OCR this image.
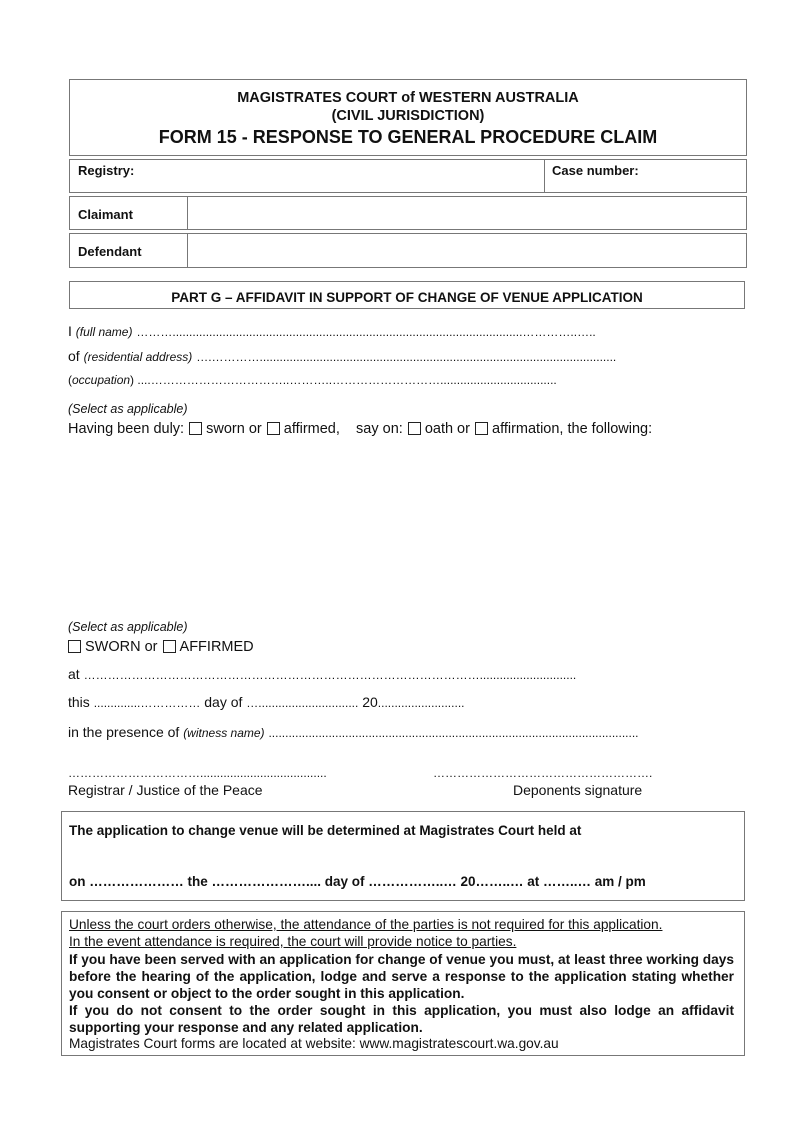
MAGISTRATES COURT of WESTERN AUSTRALIA
(CIVIL JURISDICTION)
FORM 15 - RESPONSE TO GENERAL PROCEDURE CLAIM
Registry:	Case number:
Claimant
Defendant
PART G – AFFIDAVIT IN SUPPORT OF CHANGE OF VENUE APPLICATION
I (full name) ……….........................................................................................................…………..…..
of (residential address) ….…………...........................................................................................................
(occupation) ....……………………………..………..………………………...................................
(Select as applicable)
Having been duly: sworn or affirmed, say on: oath or affirmation, the following:
(Select as applicable)
SWORN or AFFIRMED
at ……………………………………………………………………………………….............................
this ..............…………… day of ….............................. 20..........................
in the presence of (witness name) ...............................................................................................................
……………………………......................................	……………………………………………….
Registrar / Justice of the Peace	Deponents signature
The application to change venue will be determined at Magistrates Court held at
on ………………… the ………………….... day of ……………..… 20……..… at ……..… am / pm
Unless the court orders otherwise, the attendance of the parties is not required for this application.
In the event attendance is required, the court will provide notice to parties.
If you have been served with an application for change of venue you must, at least three working days before the hearing of the application, lodge and serve a response to the application stating whether you consent or object to the order sought in this application.
If you do not consent to the order sought in this application, you must also lodge an affidavit supporting your response and any related application.
Magistrates Court forms are located at website: www.magistratescourt.wa.gov.au
